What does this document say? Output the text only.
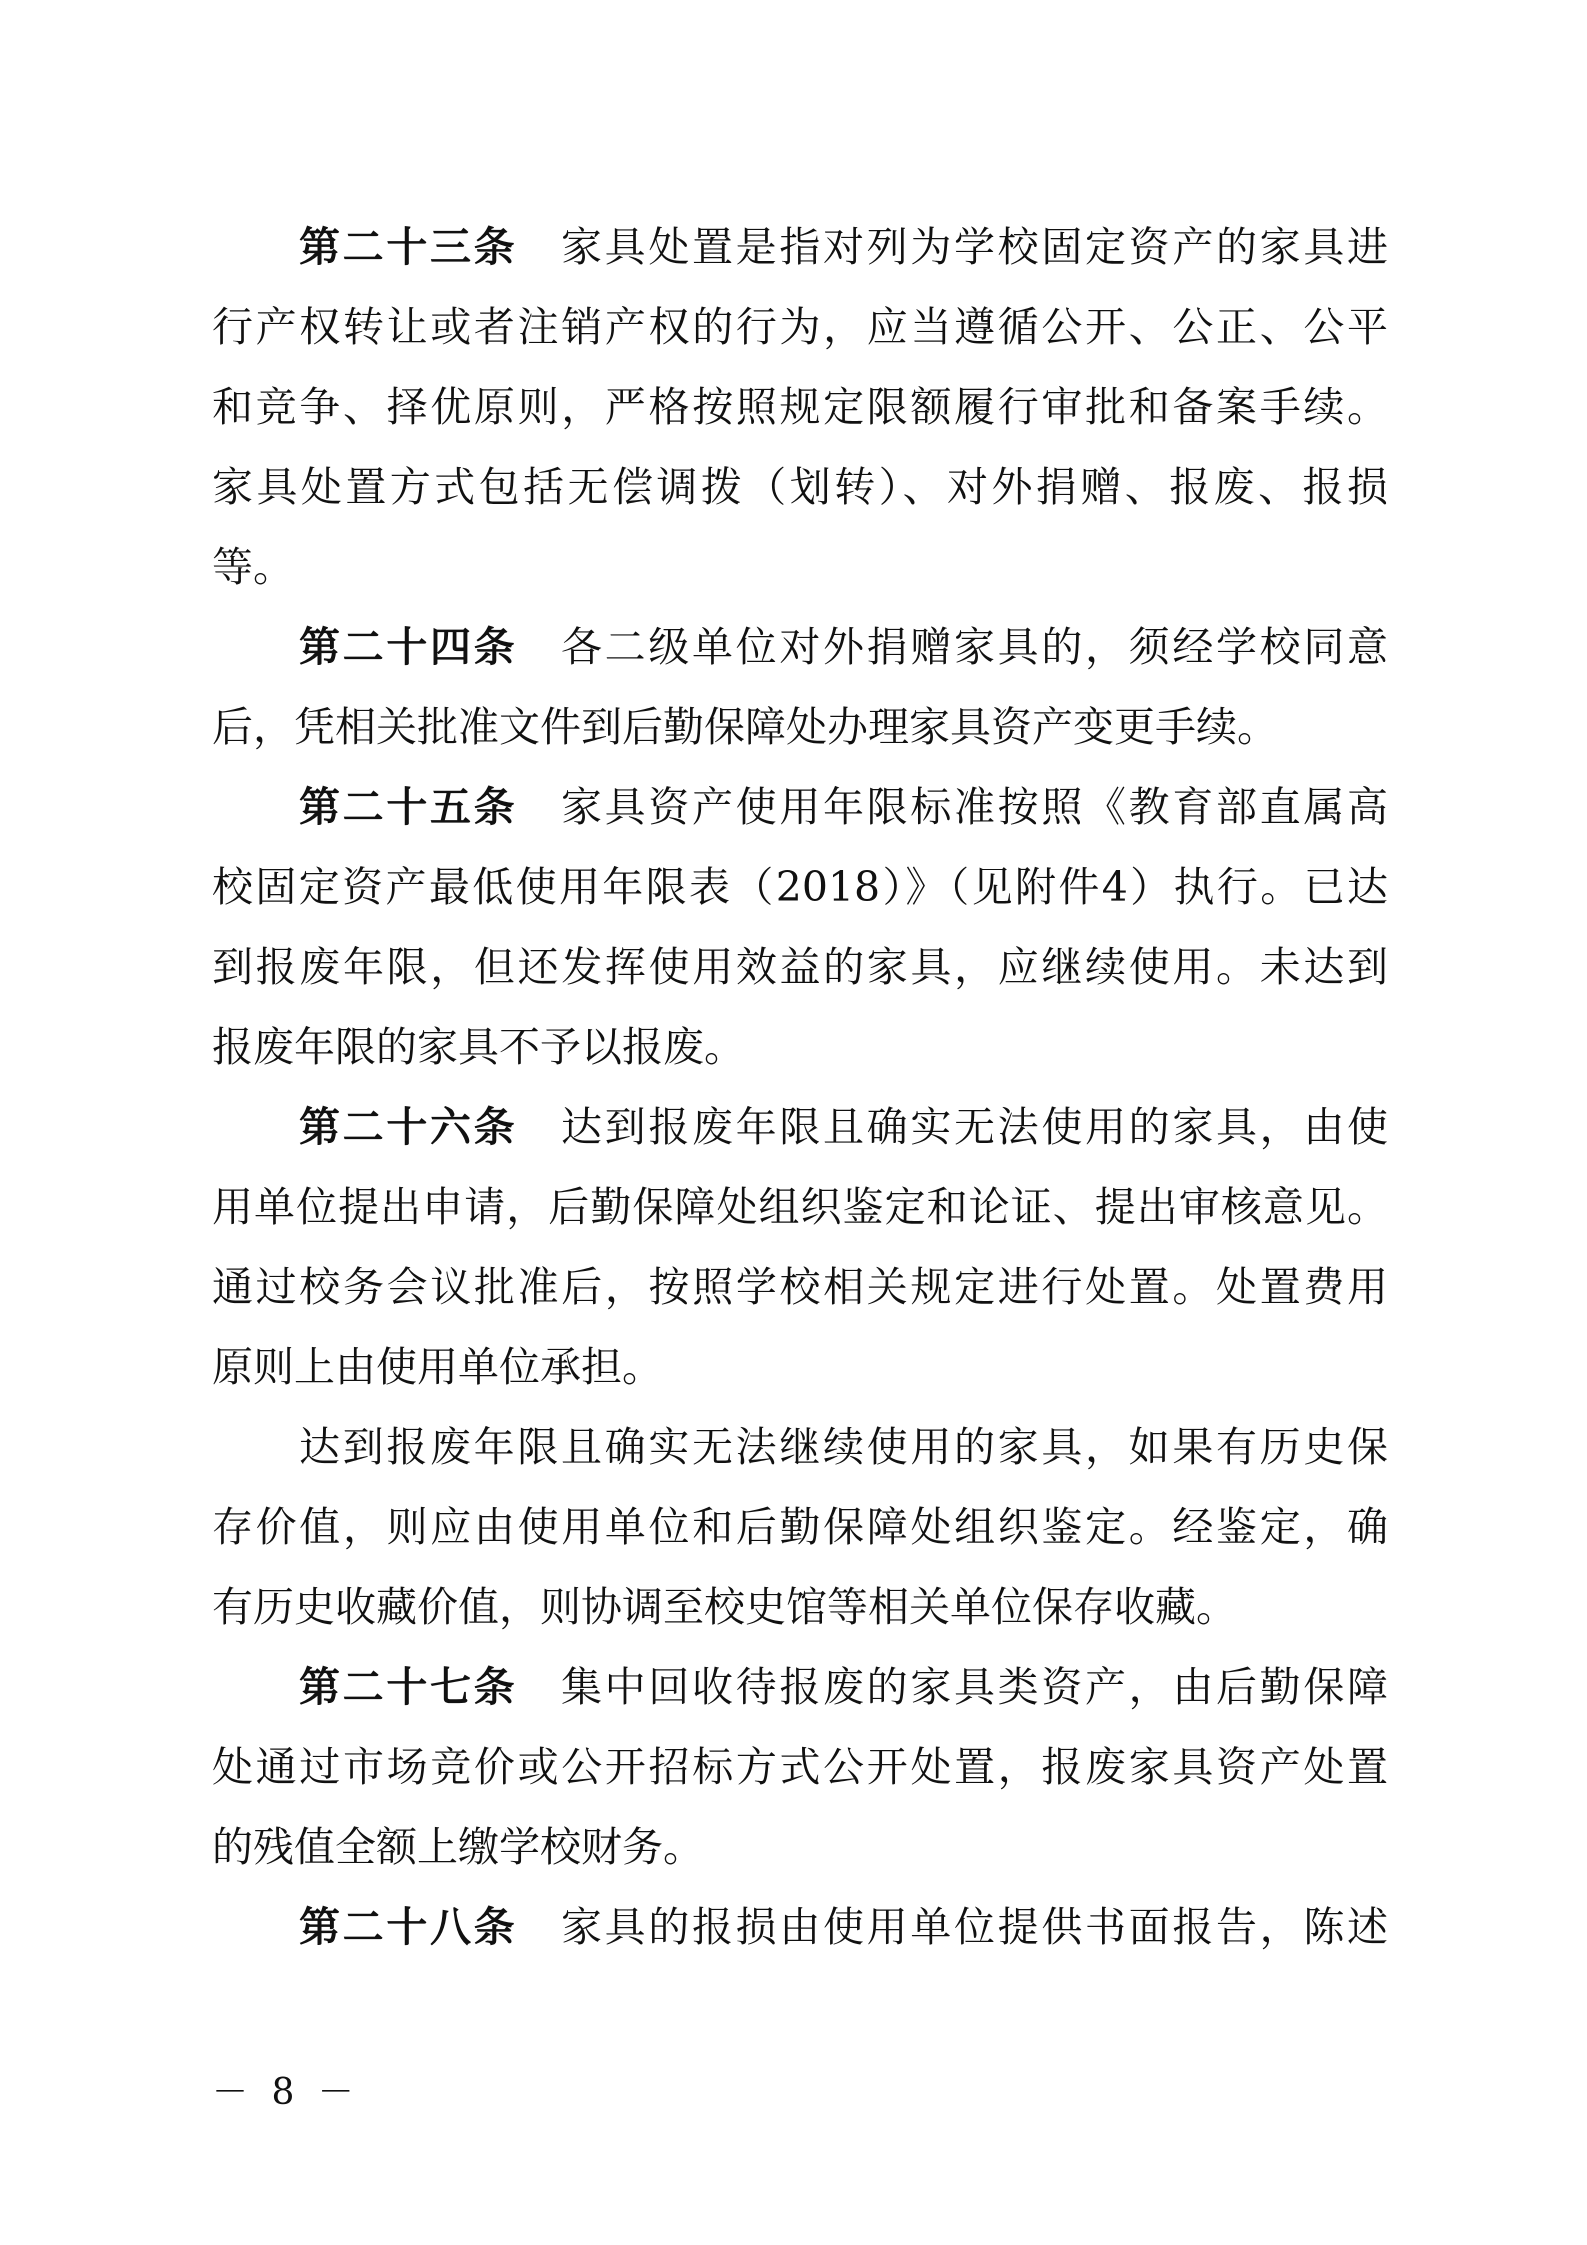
第二十三条　 家具处置是指对列为学校固定资产的家具进
行产权转让或者注销产权的行为，应当遵循公开、公正、公平
和竞争、择优原则，严格按照规定限额履行审批和备案手续。
家具处置方式包括无偿调拨（划转）、对外捐赠、报废、报损
等。
第二十四条　 各二级单位对外捐赠家具的，须经学校同意
后，凭相关批准文件到后勤保障处办理家具资产变更手续。
第二十五条　 家具资产使用年限标准按照《教育部直属高
校固定资产最低使用年限表（2018）》（见附件4）执行。已达
到报废年限，但还发挥使用效益的家具，应继续使用。未达到
报废年限的家具不予以报废。
第二十六条　 达到报废年限且确实无法使用的家具，由使
用单位提出申请，后勤保障处组织鉴定和论证、提出审核意见。
通过校务会议批准后，按照学校相关规定进行处置。处置费用
原则上由使用单位承担。
达到报废年限且确实无法继续使用的家具，如果有历史保
存价值，则应由使用单位和后勤保障处组织鉴定。经鉴定，确
有历史收藏价值，则协调至校史馆等相关单位保存收藏。
第二十七条　 集中回收待报废的家具类资产，由后勤保障
处通过市场竞价或公开招标方式公开处置，报废家具资产处置
的残值全额上缴学校财务。
第二十八条　 家具的报损由使用单位提供书面报告，陈述
－ 8 －
